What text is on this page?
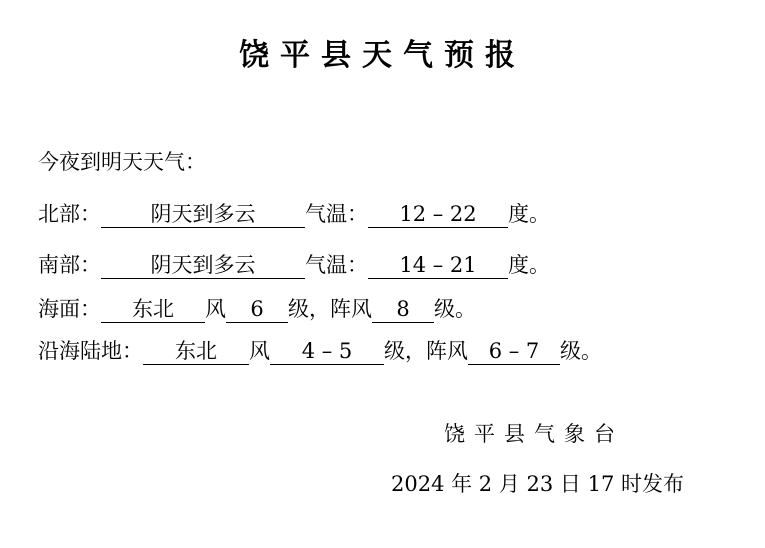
饶平县天气预报
今夜到明天天气：
北部： 阴天到多云 气温： 12 – 22 度。
南部： 阴天到多云 气温： 14 – 21 度。
海面： 东北 风 6 级，阵风 8 级。
沿海陆地： 东北 风 4 – 5 级，阵风 6 – 7 级。
饶平县气象台
2024 年 2 月 23 日 17 时发布
